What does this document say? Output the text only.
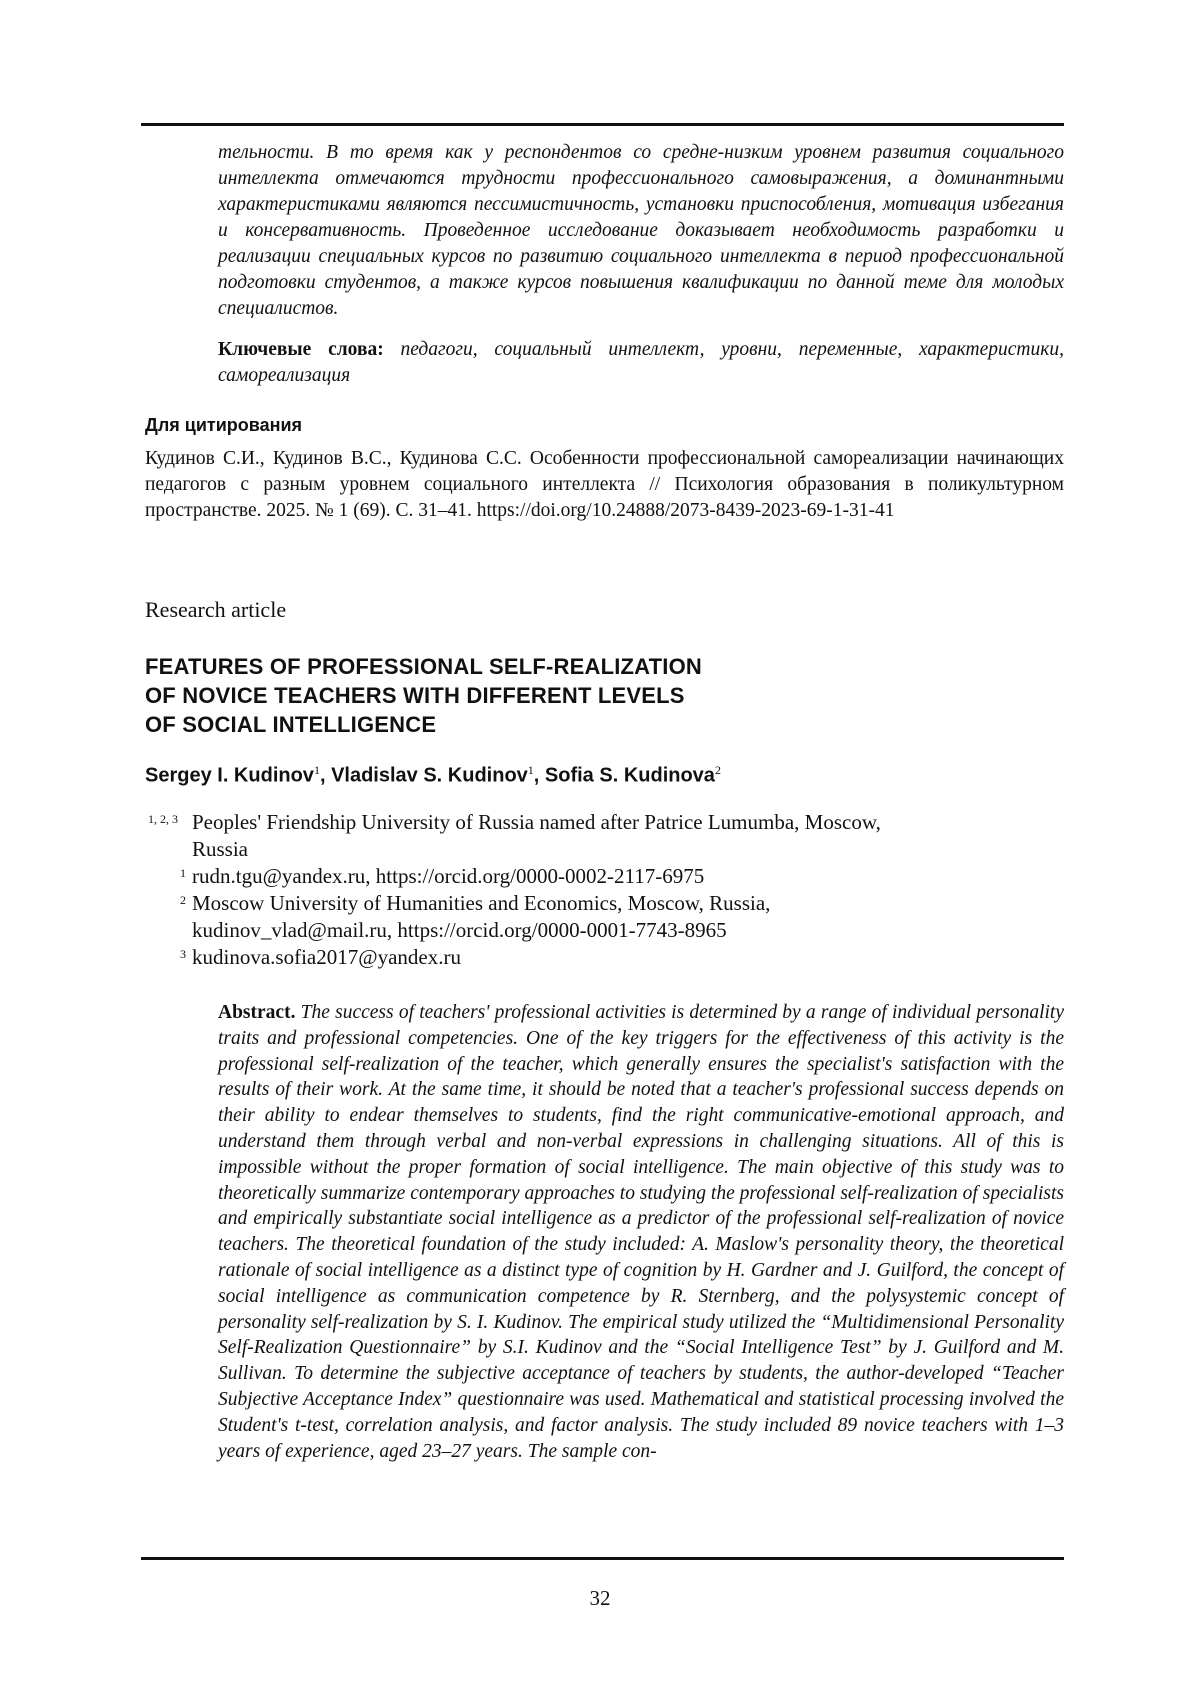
тельности. В то время как у респондентов со средне-низким уровнем развития социального интеллекта отмечаются трудности профессионального самовыражения, а доминантными характеристиками являются пессимистичность, установки приспособления, мотивация избегания и консервативность. Проведенное исследование доказывает необходимость разработки и реализации специальных курсов по развитию социального интеллекта в период профессиональной подготовки студентов, а также курсов повышения квалификации по данной теме для молодых специалистов.

Ключевые слова: педагоги, социальный интеллект, уровни, переменные, характеристики, самореализация
Для цитирования
Кудинов С.И., Кудинов В.С., Кудинова С.С. Особенности профессиональной самореализации начинающих педагогов с разным уровнем социального интеллекта // Психология образования в поликультурном пространстве. 2025. № 1 (69). С. 31–41. https://doi.org/10.24888/2073-8439-2023-69-1-31-41
Research article
FEATURES OF PROFESSIONAL SELF-REALIZATION
OF NOVICE TEACHERS WITH DIFFERENT LEVELS
OF SOCIAL INTELLIGENCE
Sergey I. Kudinov1, Vladislav S. Kudinov1, Sofia S. Kudinova2
1, 2, 3 Peoples' Friendship University of Russia named after Patrice Lumumba, Moscow,
Russia
1 rudn.tgu@yandex.ru, https://orcid.org/0000-0002-2117-6975
2 Moscow University of Humanities and Economics, Moscow, Russia,
kudinov_vlad@mail.ru, https://orcid.org/0000-0001-7743-8965
3 kudinova.sofia2017@yandex.ru
Abstract. The success of teachers' professional activities is determined by a range of individual personality traits and professional competencies. One of the key triggers for the effectiveness of this activity is the professional self-realization of the teacher, which generally ensures the specialist's satisfaction with the results of their work. At the same time, it should be noted that a teacher's professional success depends on their ability to endear themselves to students, find the right communicative-emotional approach, and understand them through verbal and non-verbal expressions in challenging situations. All of this is impossible without the proper formation of social intelligence. The main objective of this study was to theoretically summarize contemporary approaches to studying the professional self-realization of specialists and empirically substantiate social intelligence as a predictor of the professional self-realization of novice teachers. The theoretical foundation of the study included: A. Maslow's personality theory, the theoretical rationale of social intelligence as a distinct type of cognition by H. Gardner and J. Guilford, the concept of social intelligence as communication competence by R. Sternberg, and the polysystemic concept of personality self-realization by S. I. Kudinov. The empirical study utilized the “Multidimensional Personality Self-Realization Questionnaire” by S.I. Kudinov and the “Social Intelligence Test” by J. Guilford and M. Sullivan. To determine the subjective acceptance of teachers by students, the author-developed “Teacher Subjective Acceptance Index” questionnaire was used. Mathematical and statistical processing involved the Student's t-test, correlation analysis, and factor analysis. The study included 89 novice teachers with 1–3 years of experience, aged 23–27 years. The sample con-
32
